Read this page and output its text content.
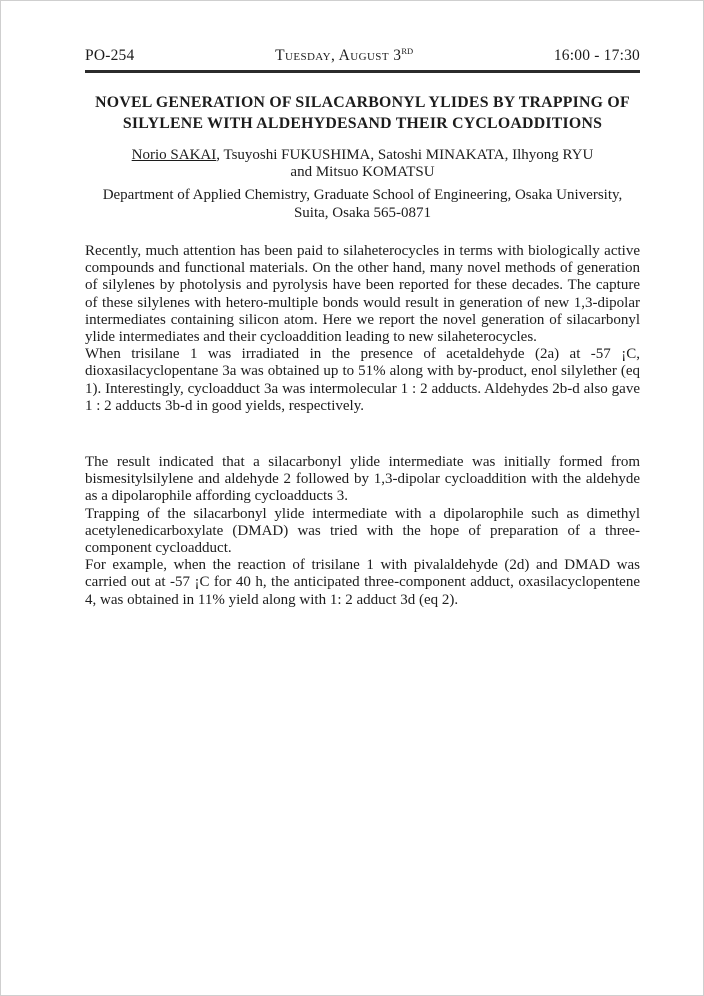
PO-254	Tuesday, August 3RD	16:00 - 17:30
NOVEL GENERATION OF SILACARBONYL YLIDES BY TRAPPING OF
SILYLENE WITH ALDEHYDESAND THEIR CYCLOADDITIONS
Norio SAKAI, Tsuyoshi FUKUSHIMA, Satoshi MINAKATA, Ilhyong RYU
and Mitsuo KOMATSU
Department of Applied Chemistry, Graduate School of Engineering, Osaka University,
Suita, Osaka 565-0871

Recently, much attention has been paid to silaheterocycles in terms with biologically active compounds and functional materials. On the other hand, many novel methods of generation of silylenes by photolysis and pyrolysis have been reported for these decades. The capture of these silylenes with hetero-multiple bonds would result in generation of new 1,3-dipolar intermediates containing silicon atom. Here we report the novel generation of silacarbonyl ylide intermediates and their cycloaddition leading to new silaheterocycles.

When trisilane 1 was irradiated in the presence of acetaldehyde (2a) at -57 ¡C, dioxasilacyclopentane 3a was obtained up to 51% along with by-product, enol silylether (eq 1). Interestingly, cycloadduct 3a was intermolecular 1 : 2 adducts. Aldehydes 2b-d also gave 1 : 2 adducts 3b-d in good yields, respectively.

The result indicated that a silacarbonyl ylide intermediate was initially formed from bismesitylsilylene and aldehyde 2 followed by 1,3-dipolar cycloaddition with the aldehyde as a dipolarophile affording cycloadducts 3.

Trapping of the silacarbonyl ylide intermediate with a dipolarophile such as dimethyl acetylenedicarboxylate (DMAD) was tried with the hope of preparation of a three-component cycloadduct.

For example, when the reaction of trisilane 1 with pivalaldehyde (2d) and DMAD was carried out at -57 ¡C for 40 h, the anticipated three-component adduct, oxasilacyclopentene 4, was obtained in 11% yield along with 1: 2 adduct 3d (eq 2).
